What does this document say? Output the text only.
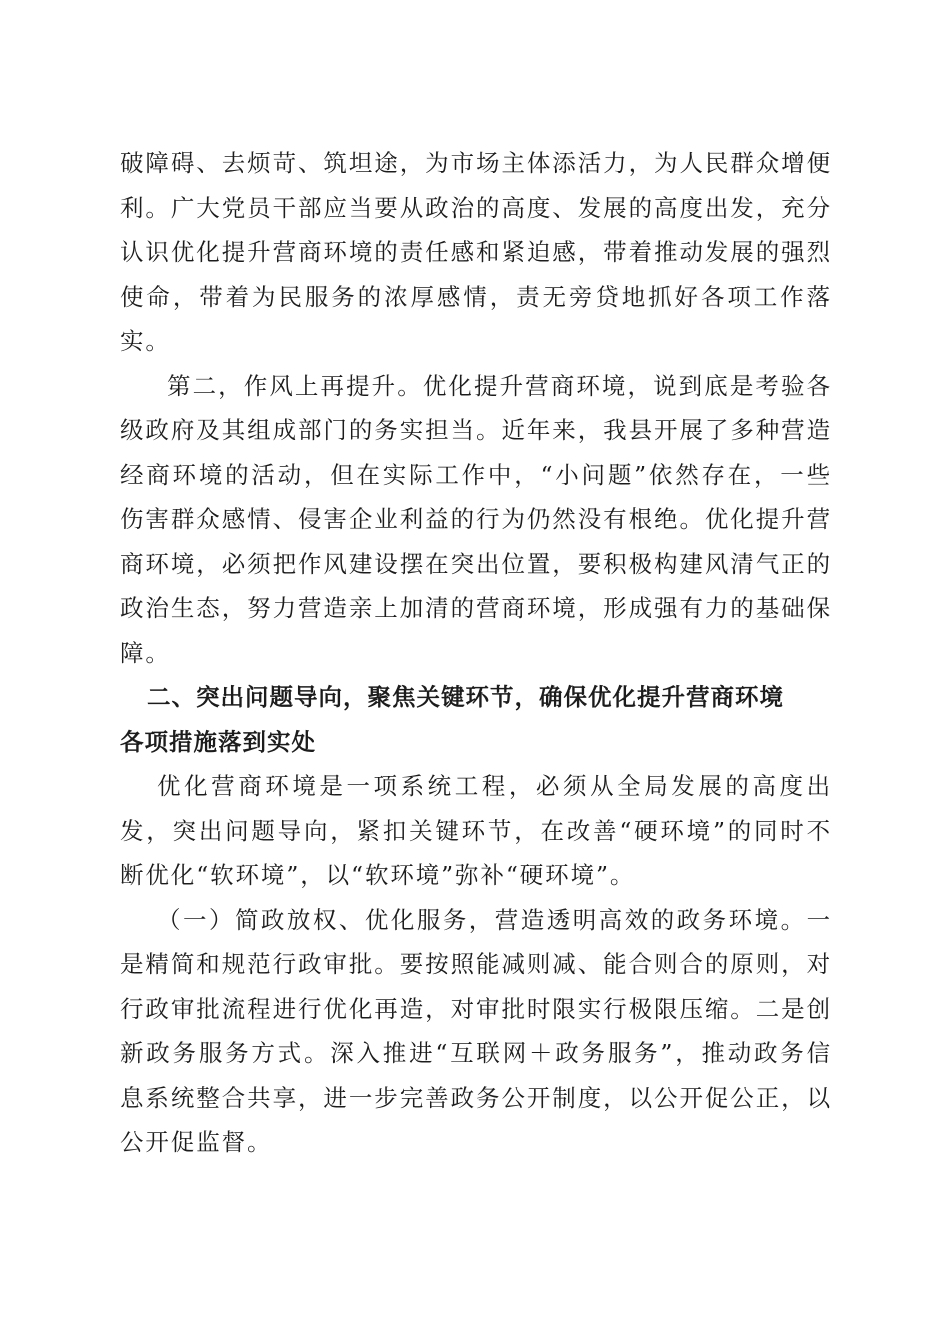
破障碍、去烦苛、筑坦途，为市场主体添活力，为人民群众增便利。广大党员干部应当要从政治的高度、发展的高度出发，充分认识优化提升营商环境的责任感和紧迫感，带着推动发展的强烈使命，带着为民服务的浓厚感情，责无旁贷地抓好各项工作落实。

第二，作风上再提升。优化提升营商环境，说到底是考验各级政府及其组成部门的务实担当。近年来，我县开展了多种营造经商环境的活动，但在实际工作中，“小问题”依然存在，一些伤害群众感情、侵害企业利益的行为仍然没有根绝。优化提升营商环境，必须把作风建设摆在突出位置，要积极构建风清气正的政治生态，努力营造亲上加清的营商环境，形成强有力的基础保障。

二、突出问题导向，聚焦关键环节，确保优化提升营商环境
各项措施落到实处

优化营商环境是一项系统工程，必须从全局发展的高度出发，突出问题导向，紧扣关键环节，在改善“硬环境”的同时不断优化“软环境”，以“软环境”弥补“硬环境”。

（一）简政放权、优化服务，营造透明高效的政务环境。一是精简和规范行政审批。要按照能减则减、能合则合的原则，对行政审批流程进行优化再造，对审批时限实行极限压缩。二是创新政务服务方式。深入推进“互联网＋政务服务”，推动政务信息系统整合共享，进一步完善政务公开制度，以公开促公正，以公开促监督。
